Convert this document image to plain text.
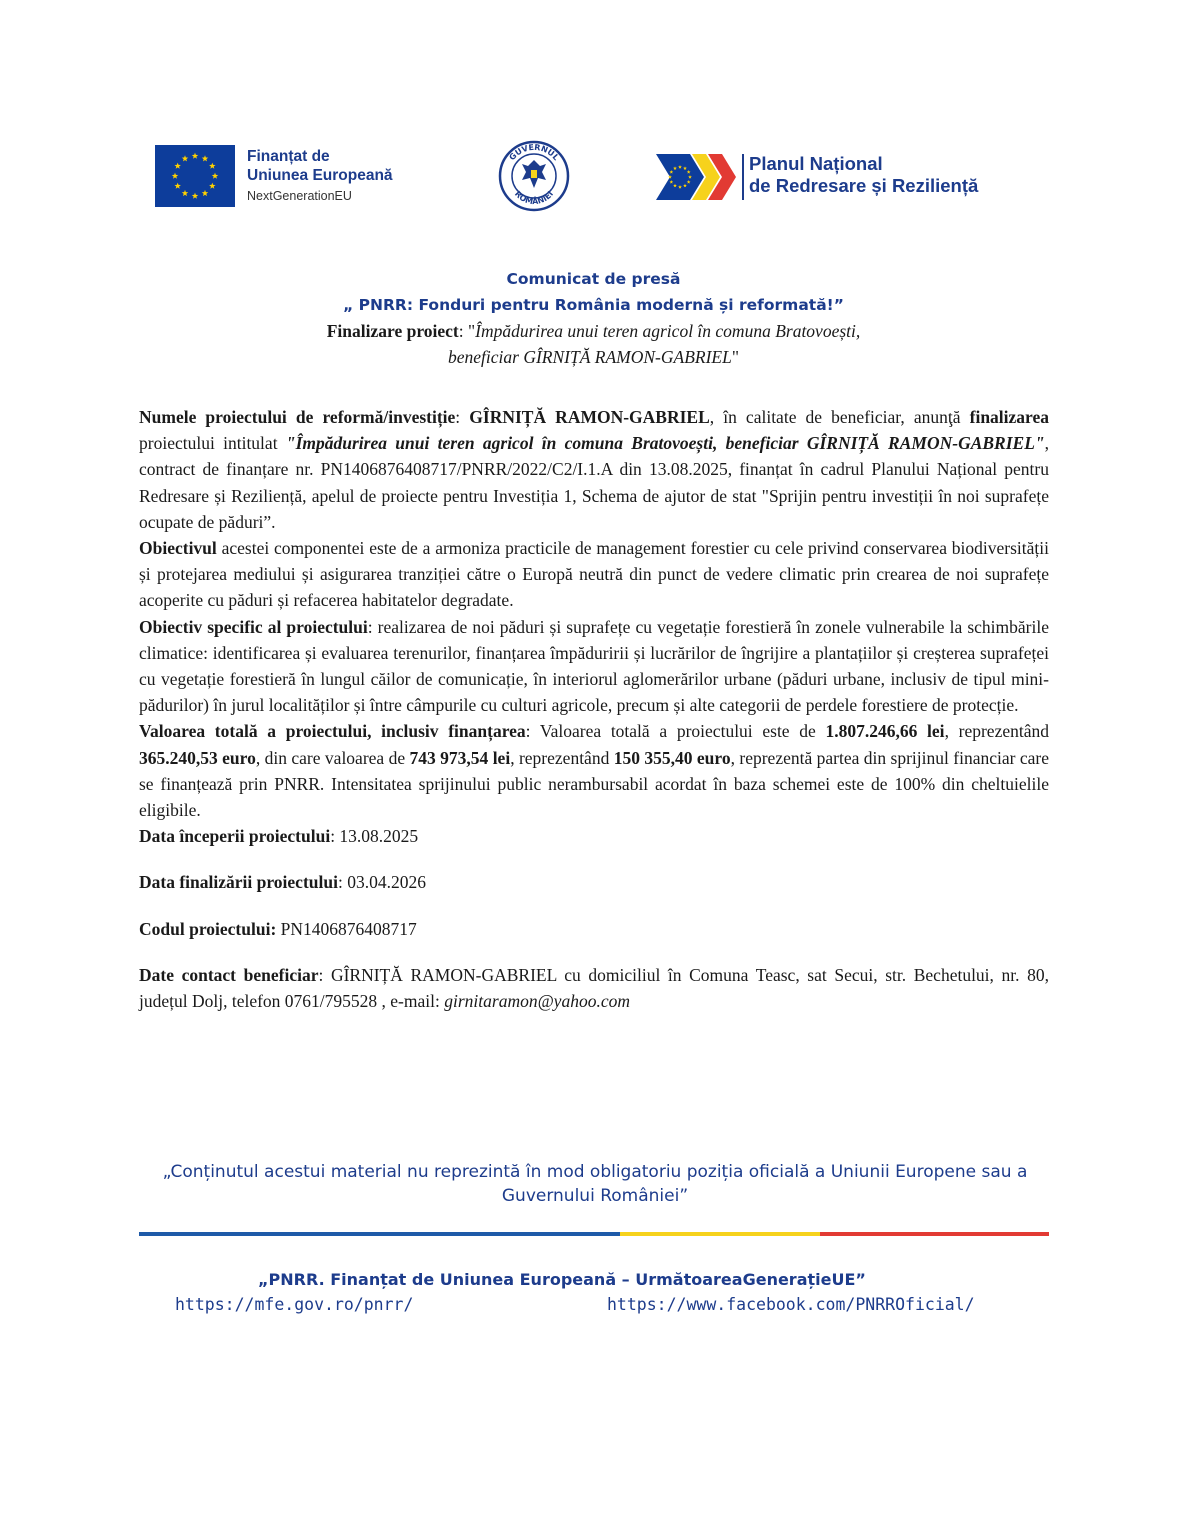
Finanțat de
Uniunea Europeană
NextGenerationEU
GUVERNUL
ROMÂNIEI
Planul Național
de Redresare și Reziliență
Comunicat de presă
„ PNRR: Fonduri pentru România modernă și reformată!”
Finalizare proiect: "Împădurirea unui teren agricol în comuna Bratovoești,
beneficiar GÎRNIȚĂ RAMON-GABRIEL"

Numele proiectului de reformă/investiție: GÎRNIȚĂ RAMON-GABRIEL, în calitate de beneficiar, anunţă finalizarea proiectului intitulat "Împădurirea unui teren agricol în comuna Bratovoești, beneficiar GÎRNIȚĂ RAMON-GABRIEL", contract de finanțare nr. PN1406876408717/PNRR/2022/C2/I.1.A din 13.08.2025, finanțat în cadrul Planului Național pentru Redresare și Reziliență, apelul de proiecte pentru Investiția 1, Schema de ajutor de stat "Sprijin pentru investiții în noi suprafețe ocupate de păduri”.

Obiectivul acestei componentei este de a armoniza practicile de management forestier cu cele privind conservarea biodiversității și protejarea mediului și asigurarea tranziției către o Europă neutră din punct de vedere climatic prin crearea de noi suprafețe acoperite cu păduri și refacerea habitatelor degradate.

Obiectiv specific al proiectului: realizarea de noi păduri și suprafețe cu vegetație forestieră în zonele vulnerabile la schimbările climatice: identificarea și evaluarea terenurilor, finanțarea împăduririi și lucrărilor de îngrijire a plantațiilor și creșterea suprafeței cu vegetație forestieră în lungul căilor de comunicație, în interiorul aglomerărilor urbane (păduri urbane, inclusiv de tipul mini-pădurilor) în jurul localităților și între câmpurile cu culturi agricole, precum și alte categorii de perdele forestiere de protecție.

Valoarea totală a proiectului, inclusiv finanțarea: Valoarea totală a proiectului este de 1.807.246,66 lei, reprezentând 365.240,53 euro, din care valoarea de 743 973,54 lei, reprezentând 150 355,40 euro, reprezentă partea din sprijinul financiar care se finanțează prin PNRR. Intensitatea sprijinului public nerambursabil acordat în baza schemei este de 100% din cheltuielile eligibile.

Data începerii proiectului: 13.08.2025

Data finalizării proiectului: 03.04.2026

Codul proiectului: PN1406876408717

Date contact beneficiar: GÎRNIȚĂ RAMON-GABRIEL cu domiciliul în Comuna Teasc, sat Secui, str. Bechetului, nr. 80, județul Dolj, telefon 0761/795528 , e-mail: girnitaramon@yahoo.com

„Conținutul acestui material nu reprezintă în mod obligatoriu poziția oficială a Uniunii Europene sau a Guvernului României”
„PNRR. Finanțat de Uniunea Europeană – UrmătoareaGenerațieUE”
https://mfe.gov.ro/pnrr/	https://www.facebook.com/PNRROficial/
